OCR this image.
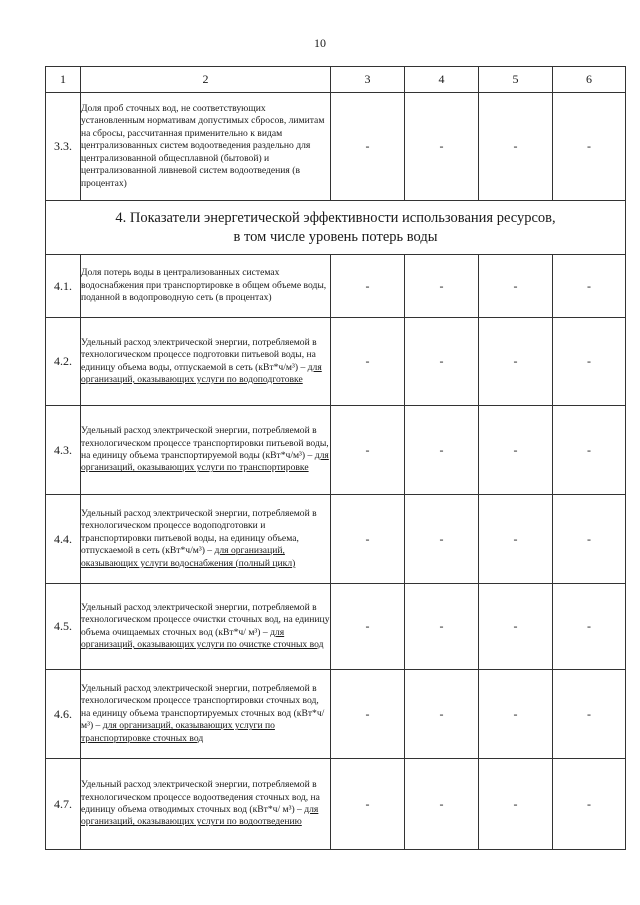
10
1	2	3	4	5	6
3.3.	Доля проб сточных вод, не соответствующих установленным нормативам допустимых сбросов, лимитам на сбросы, рассчитанная применительно к видам централизованных систем водоотведения раздельно для централизованной общесплавной (бытовой) и централизованной ливневой систем водоотведения (в процентах)	-	-	-	-

4. Показатели энергетической эффективности использования ресурсов,
в том числе уровень потерь воды					

4.1.	Доля потерь воды в централизованных системах водоснабжения при транспортировке в общем объеме воды, поданной в водопроводную сеть (в процентах)	-	-	-	-
4.2.	Удельный расход электрической энергии, потребляемой в технологическом процессе подготовки питьевой воды, на единицу объема воды, отпускаемой в сеть (кВт*ч/м³) – для организаций, оказывающих услуги по водоподготовке	-	-	-	-
4.3.	Удельный расход электрической энергии, потребляемой в технологическом процессе транспортировки питьевой воды, на единицу объема транспортируемой воды (кВт*ч/м³) – для организаций, оказывающих услуги по транспортировке	-	-	-	-
4.4.	Удельный расход электрической энергии, потребляемой в технологическом процессе водоподготовки и транспортировки питьевой воды, на единицу объема, отпускаемой в сеть (кВт*ч/м³) – для организаций, оказывающих услуги водоснабжения (полный цикл)	-	-	-	-
4.5.	Удельный расход электрической энергии, потребляемой в технологическом процессе очистки сточных вод, на единицу объема очищаемых сточных вод (кВт*ч/ м³) – для организаций, оказывающих услуги по очистке сточных вод	-	-	-	-
4.6.	Удельный расход электрической энергии, потребляемой в технологическом процессе транспортировки сточных вод, на единицу объема транспортируемых сточных вод (кВт*ч/ м³) – для организаций, оказывающих услуги по транспортировке сточных вод	-	-	-	-
4.7.	Удельный расход электрической энергии, потребляемой в технологическом процессе водоотведения сточных вод, на единицу объема отводимых сточных вод (кВт*ч/ м³) – для организаций, оказывающих услуги по водоотведению	-	-	-	-
